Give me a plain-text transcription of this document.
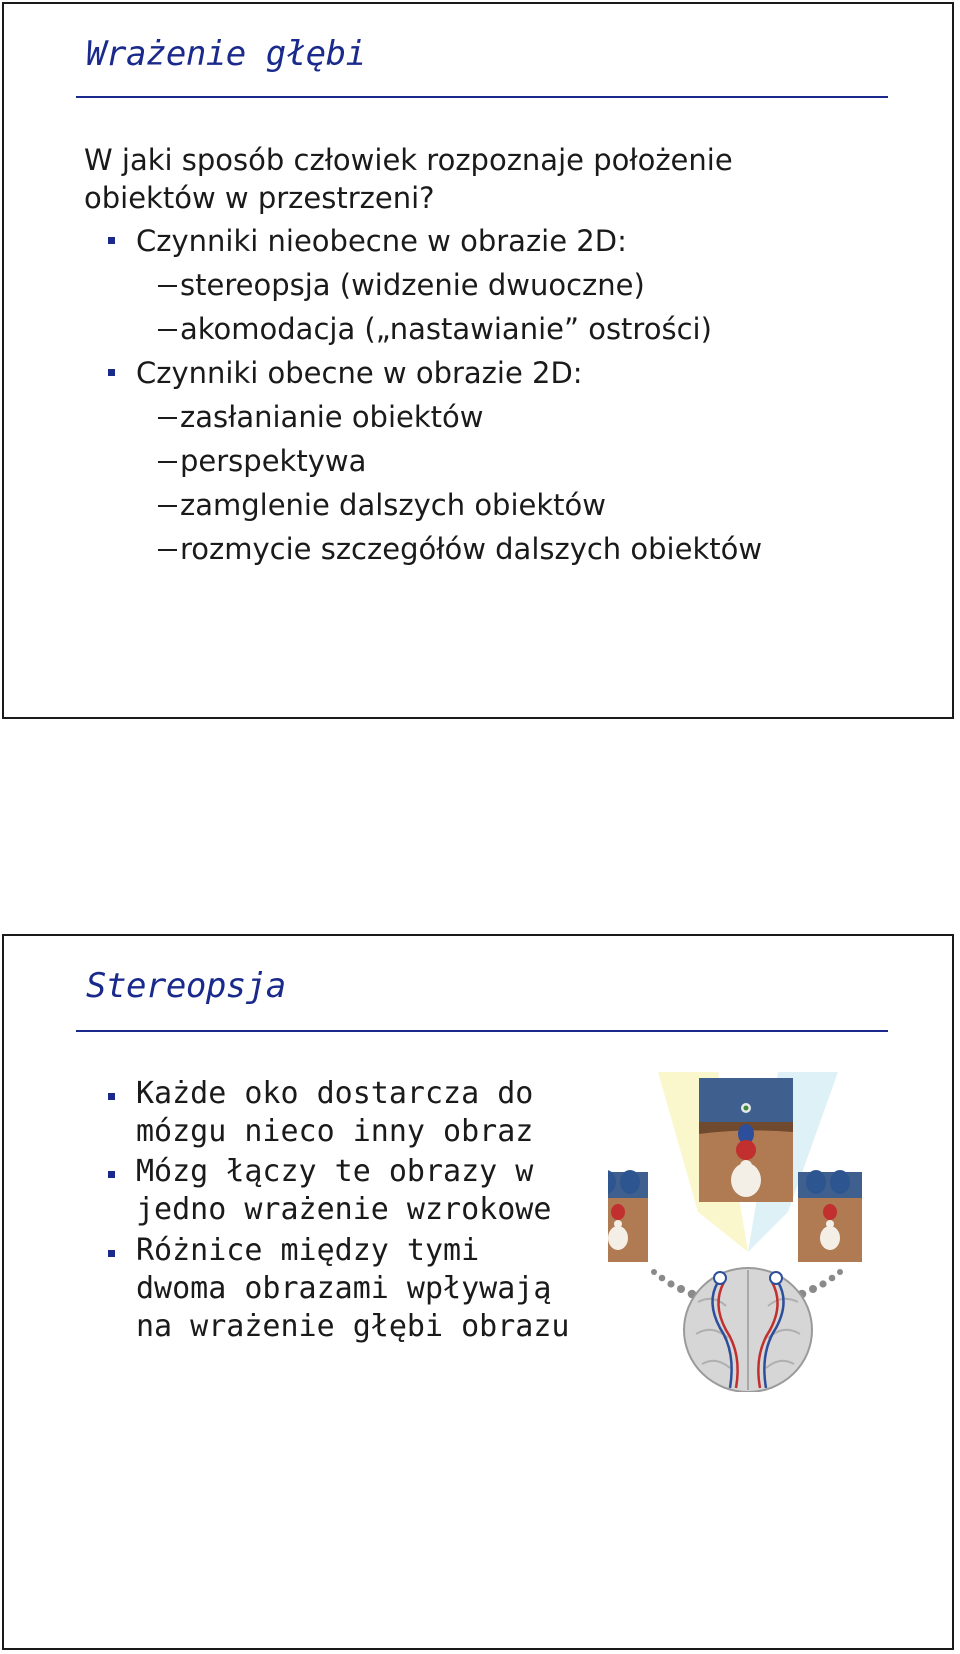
Wrażenie głębi

W jaki sposób człowiek rozpoznaje położenie

obiektów w przestrzeni?

Czynniki nieobecne w obrazie 2D:

stereopsja (widzenie dwuoczne)

akomodacja („nastawianie” ostrości)

Czynniki obecne w obrazie 2D:

zasłanianie obiektów

perspektywa

zamglenie dalszych obiektów

rozmycie szczegółów dalszych obiektów

Stereopsja

Każde oko dostarcza do

mózgu nieco inny obraz

Mózg łączy te obrazy w

jedno wrażenie wzrokowe

Różnice między tymi

dwoma obrazami wpływają

na wrażenie głębi obrazu
